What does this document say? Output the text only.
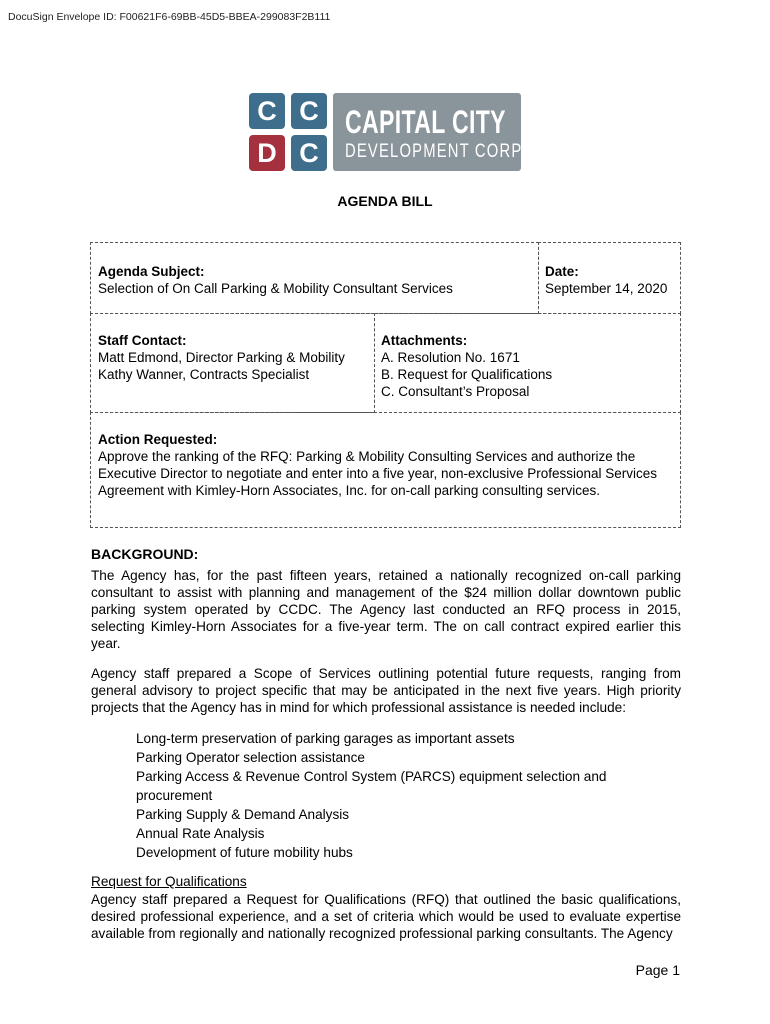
DocuSign Envelope ID: F00621F6-69BB-45D5-BBEA-299083F2B111
C C
D C
CAPITAL CITY
DEVELOPMENT CORP
AGENDA BILL
Agenda Subject:
Selection of On Call Parking & Mobility Consultant Services
Date:
September 14, 2020
Staff Contact:
Matt Edmond, Director Parking & Mobility
Kathy Wanner, Contracts Specialist
Attachments:
A. Resolution No. 1671
B. Request for Qualifications
C. Consultant’s Proposal
Action Requested:
Approve the ranking of the RFQ: Parking & Mobility Consulting Services and authorize the Executive Director to negotiate and enter into a five year, non-exclusive Professional Services Agreement with Kimley-Horn Associates, Inc. for on-call parking consulting services.
BACKGROUND:
The Agency has, for the past fifteen years, retained a nationally recognized on-call parking consultant to assist with planning and management of the $24 million dollar downtown public parking system operated by CCDC. The Agency last conducted an RFQ process in 2015, selecting Kimley-Horn Associates for a five-year term. The on call contract expired earlier this year.
Agency staff prepared a Scope of Services outlining potential future requests, ranging from general advisory to project specific that may be anticipated in the next five years. High priority projects that the Agency has in mind for which professional assistance is needed include:
Long-term preservation of parking garages as important assets
Parking Operator selection assistance
Parking Access & Revenue Control System (PARCS) equipment selection and procurement
Parking Supply & Demand Analysis
Annual Rate Analysis
Development of future mobility hubs
Request for Qualifications
Agency staff prepared a Request for Qualifications (RFQ) that outlined the basic qualifications, desired professional experience, and a set of criteria which would be used to evaluate expertise available from regionally and nationally recognized professional parking consultants. The Agency
Page 1
